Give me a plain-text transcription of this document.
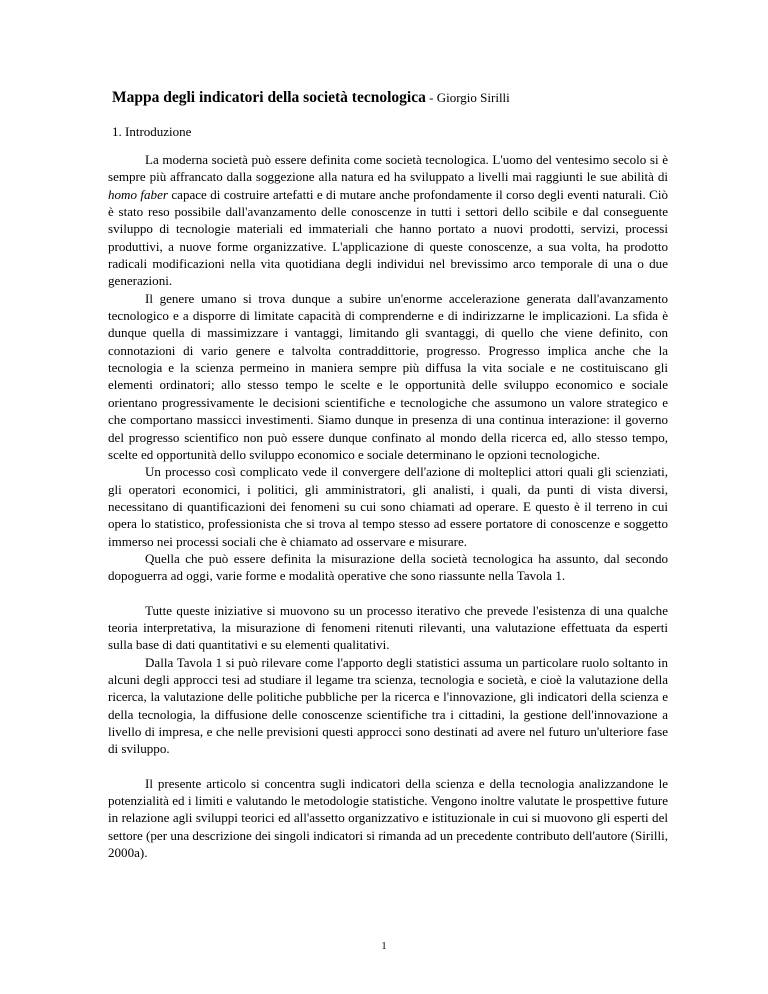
Mappa degli indicatori della società tecnologica - Giorgio Sirilli
1. Introduzione

La moderna società può essere definita come società tecnologica. L'uomo del ventesimo secolo si è sempre più affrancato dalla soggezione alla natura ed ha sviluppato a livelli mai raggiunti le sue abilità di homo faber capace di costruire artefatti e di mutare anche profondamente il corso degli eventi naturali. Ciò è stato reso possibile dall'avanzamento delle conoscenze in tutti i settori dello scibile e dal conseguente sviluppo di tecnologie materiali ed immateriali che hanno portato a nuovi prodotti, servizi, processi produttivi, a nuove forme organizzative. L'applicazione di queste conoscenze, a sua volta, ha prodotto radicali modificazioni nella vita quotidiana degli individui nel brevissimo arco temporale di una o due generazioni.

Il genere umano si trova dunque a subire un'enorme accelerazione generata dall'avanzamento tecnologico e a disporre di limitate capacità di comprenderne e di indirizzarne le implicazioni. La sfida è dunque quella di massimizzare i vantaggi, limitando gli svantaggi, di quello che viene definito, con connotazioni di vario genere e talvolta contraddittorie, progresso. Progresso implica anche che la tecnologia e la scienza permeino in maniera sempre più diffusa la vita sociale e ne costituiscano gli elementi ordinatori; allo stesso tempo le scelte e le opportunità delle sviluppo economico e sociale orientano progressivamente le decisioni scientifiche e tecnologiche che assumono un valore strategico e che comportano massicci investimenti. Siamo dunque in presenza di una continua interazione: il governo del progresso scientifico non può essere dunque confinato al mondo della ricerca ed, allo stesso tempo, scelte ed opportunità dello sviluppo economico e sociale determinano le opzioni tecnologiche.

Un processo così complicato vede il convergere dell'azione di molteplici attori quali gli scienziati, gli operatori economici, i politici, gli amministratori, gli analisti, i quali, da punti di vista diversi, necessitano di quantificazioni dei fenomeni su cui sono chiamati ad operare. E questo è il terreno in cui opera lo statistico, professionista che si trova al tempo stesso ad essere portatore di conoscenze e soggetto immerso nei processi sociali che è chiamato ad osservare e misurare.

Quella che può essere definita la misurazione della società tecnologica ha assunto, dal secondo dopoguerra ad oggi, varie forme e modalità operative che sono riassunte nella Tavola 1.

Tutte queste iniziative si muovono su un processo iterativo che prevede l'esistenza di una qualche teoria interpretativa, la misurazione di fenomeni ritenuti rilevanti, una valutazione effettuata da esperti sulla base di dati quantitativi e su elementi qualitativi.

Dalla Tavola 1 si può rilevare come l'apporto degli statistici assuma un particolare ruolo soltanto in alcuni degli approcci tesi ad studiare il legame tra scienza, tecnologia e società, e cioè la valutazione della ricerca, la valutazione delle politiche pubbliche per la ricerca e l'innovazione, gli indicatori della scienza e della tecnologia, la diffusione delle conoscenze scientifiche tra i cittadini, la gestione dell'innovazione a livello di impresa, e che nelle previsioni questi approcci sono destinati ad avere nel futuro un'ulteriore fase di sviluppo.

Il presente articolo si concentra sugli indicatori della scienza e della tecnologia analizzandone le potenzialità ed i limiti e valutando le metodologie statistiche. Vengono inoltre valutate le prospettive future in relazione agli sviluppi teorici ed all'assetto organizzativo e istituzionale in cui si muovono gli esperti del settore (per una descrizione dei singoli indicatori si rimanda ad un precedente contributo dell'autore (Sirilli, 2000a).

1
